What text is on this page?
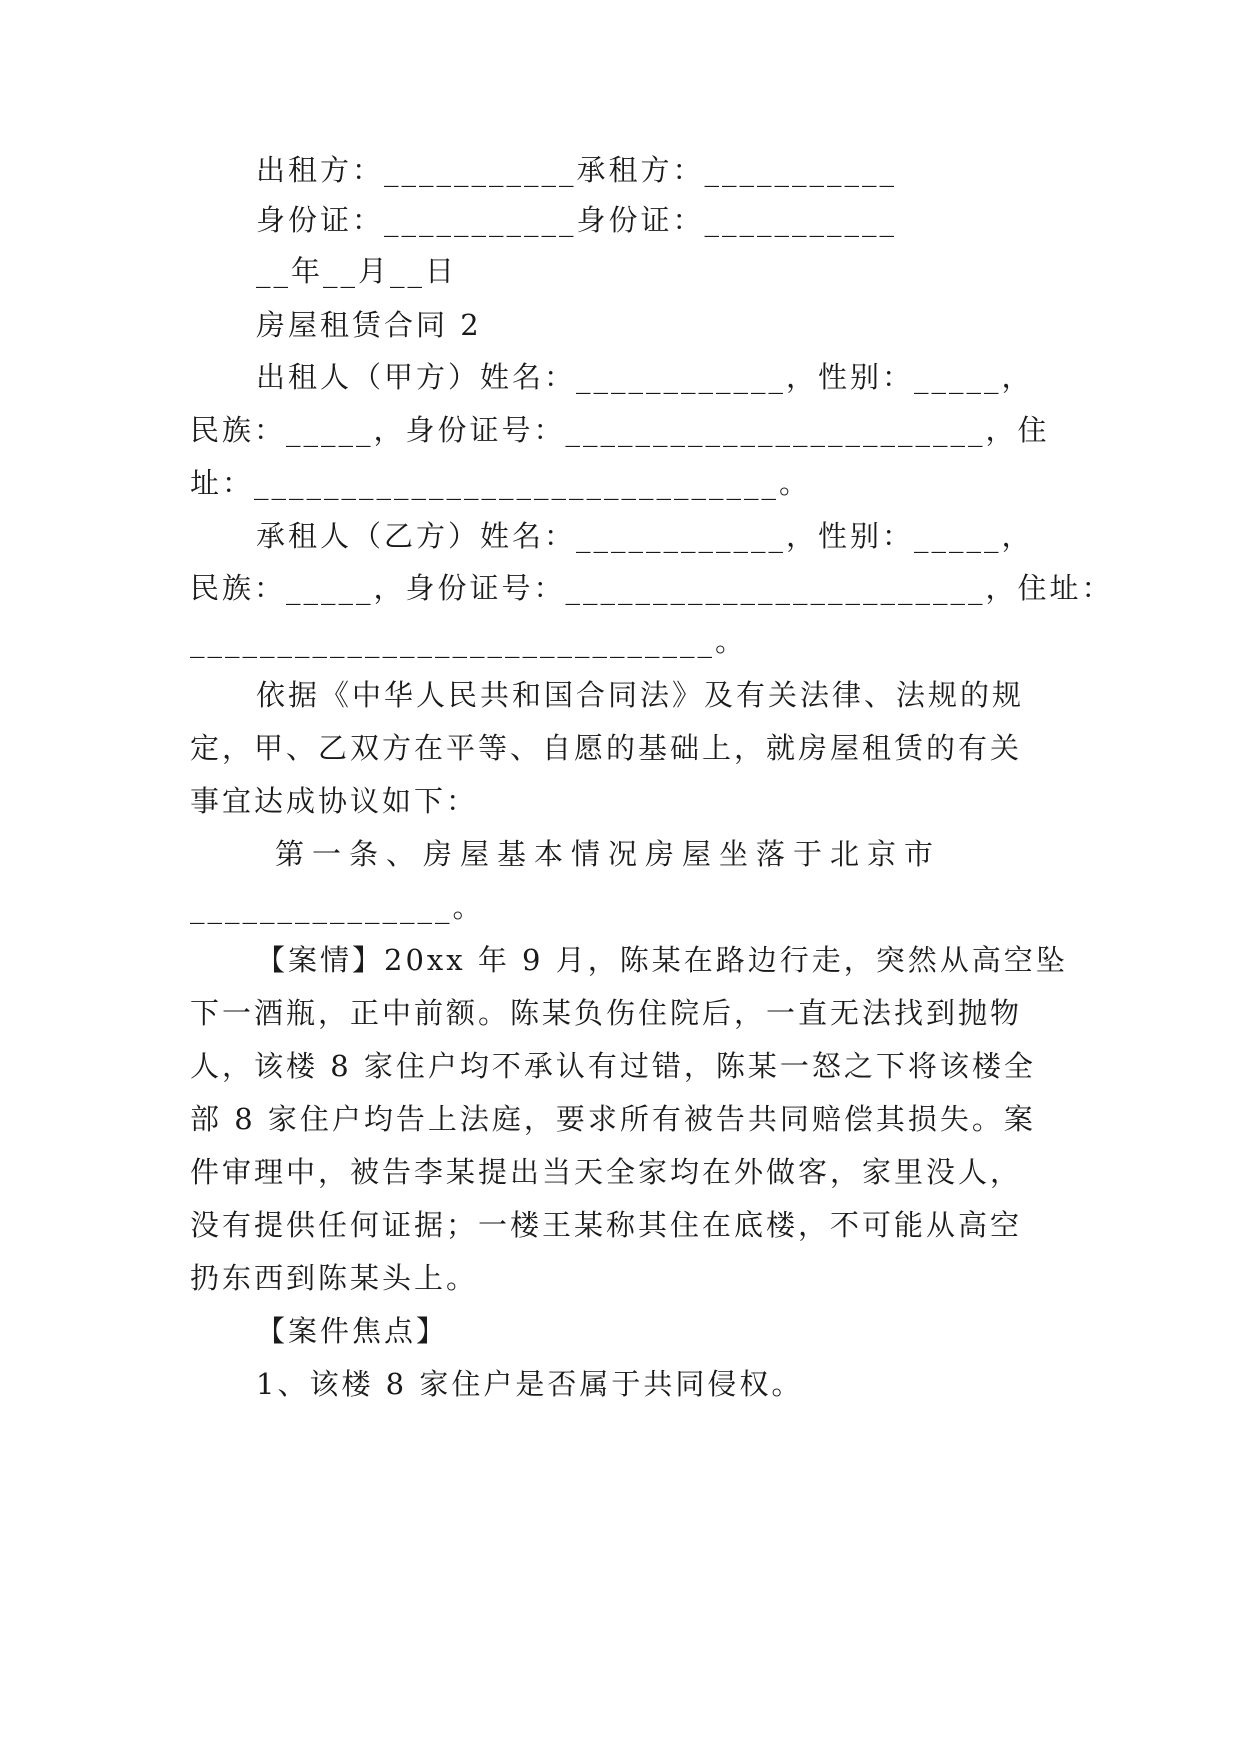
出租方：___________承租方：___________
身份证：___________身份证：___________
__年__月__日
房屋租赁合同 2
出租人（甲方）姓名：____________，性别：_____，
民族：_____，身份证号：________________________，住
址：______________________________。
承租人（乙方）姓名：____________，性别：_____，
民族：_____，身份证号：________________________，住址：
______________________________。
依据《中华人民共和国合同法》及有关法律、法规的规
定，甲、乙双方在平等、自愿的基础上，就房屋租赁的有关
事宜达成协议如下：
第一条、房屋基本情况房屋坐落于北京市
_______________。
【案情】20xx 年 9 月，陈某在路边行走，突然从高空坠
下一酒瓶，正中前额。陈某负伤住院后，一直无法找到抛物
人，该楼 8 家住户均不承认有过错，陈某一怒之下将该楼全
部 8 家住户均告上法庭，要求所有被告共同赔偿其损失。案
件审理中，被告李某提出当天全家均在外做客，家里没人，
没有提供任何证据；一楼王某称其住在底楼，不可能从高空
扔东西到陈某头上。
【案件焦点】
1、该楼 8 家住户是否属于共同侵权。
